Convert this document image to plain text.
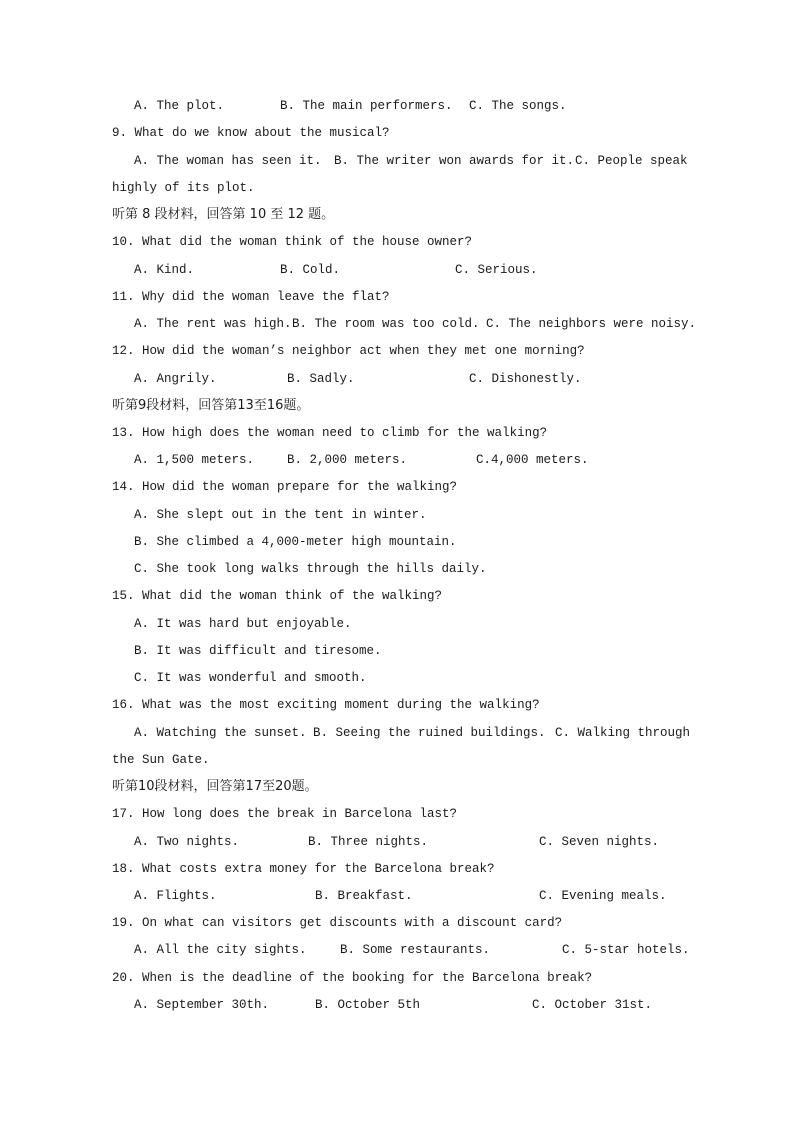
A. The plot.	B. The main performers. C. The songs.
9. What do we know about the musical?
A. The woman has seen it. B. The writer won awards for it. C. People speak
highly of its plot.
听第 8 段材料，回答第 10 至 12 题。
10. What did the woman think of the house owner?
A. Kind.	B. Cold.	C. Serious.
11. Why did the woman leave the flat?
A. The rent was high. B. The room was too cold. C. The neighbors were noisy.
12. How did the woman’s neighbor act when they met one morning?
A. Angrily.	B. Sadly.	C. Dishonestly.
听第9段材料，回答第13至16题。
13. How high does the woman need to climb for the walking?
A. 1,500 meters.	B. 2,000 meters.	C.4,000 meters.
14. How did the woman prepare for the walking?
A. She slept out in the tent in winter.
B. She climbed a 4,000-meter high mountain.
C. She took long walks through the hills daily.
15. What did the woman think of the walking?
A. It was hard but enjoyable.
B. It was difficult and tiresome.
C. It was wonderful and smooth.
16. What was the most exciting moment during the walking?
A. Watching the sunset. B. Seeing the ruined buildings. C. Walking through
the Sun Gate.
听第10段材料，回答第17至20题。
17. How long does the break in Barcelona last?
A. Two nights.	B. Three nights.	C. Seven nights.
18. What costs extra money for the Barcelona break?
A. Flights.	B. Breakfast.	C. Evening meals.
19. On what can visitors get discounts with a discount card?
A. All the city sights.	B. Some restaurants.	C. 5-star hotels.
20. When is the deadline of the booking for the Barcelona break?
A. September 30th.	B. October 5th	C. October 31st.
